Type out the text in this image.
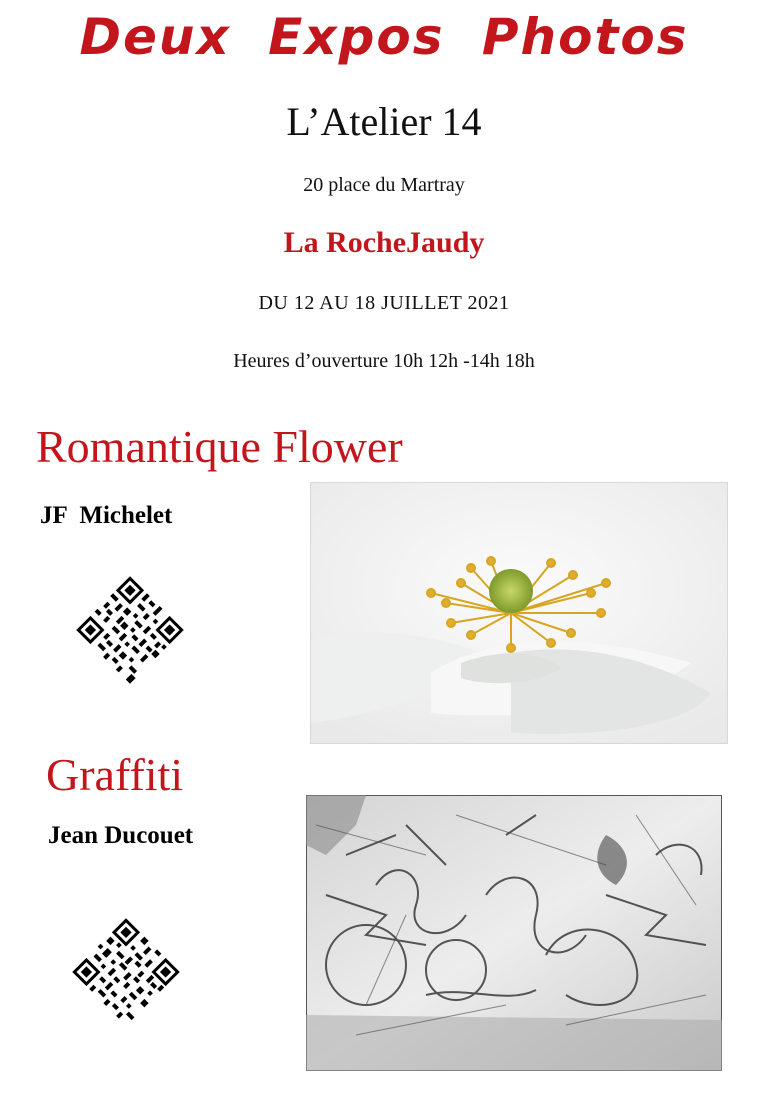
Deux Expos Photos
L’Atelier 14
20 place du Martray
La RocheJaudy
DU 12 AU 18 JUILLET 2021
Heures d’ouverture 10h 12h -14h 18h
Romantique Flower
JF  Michelet
Graffiti
Jean Ducouet
